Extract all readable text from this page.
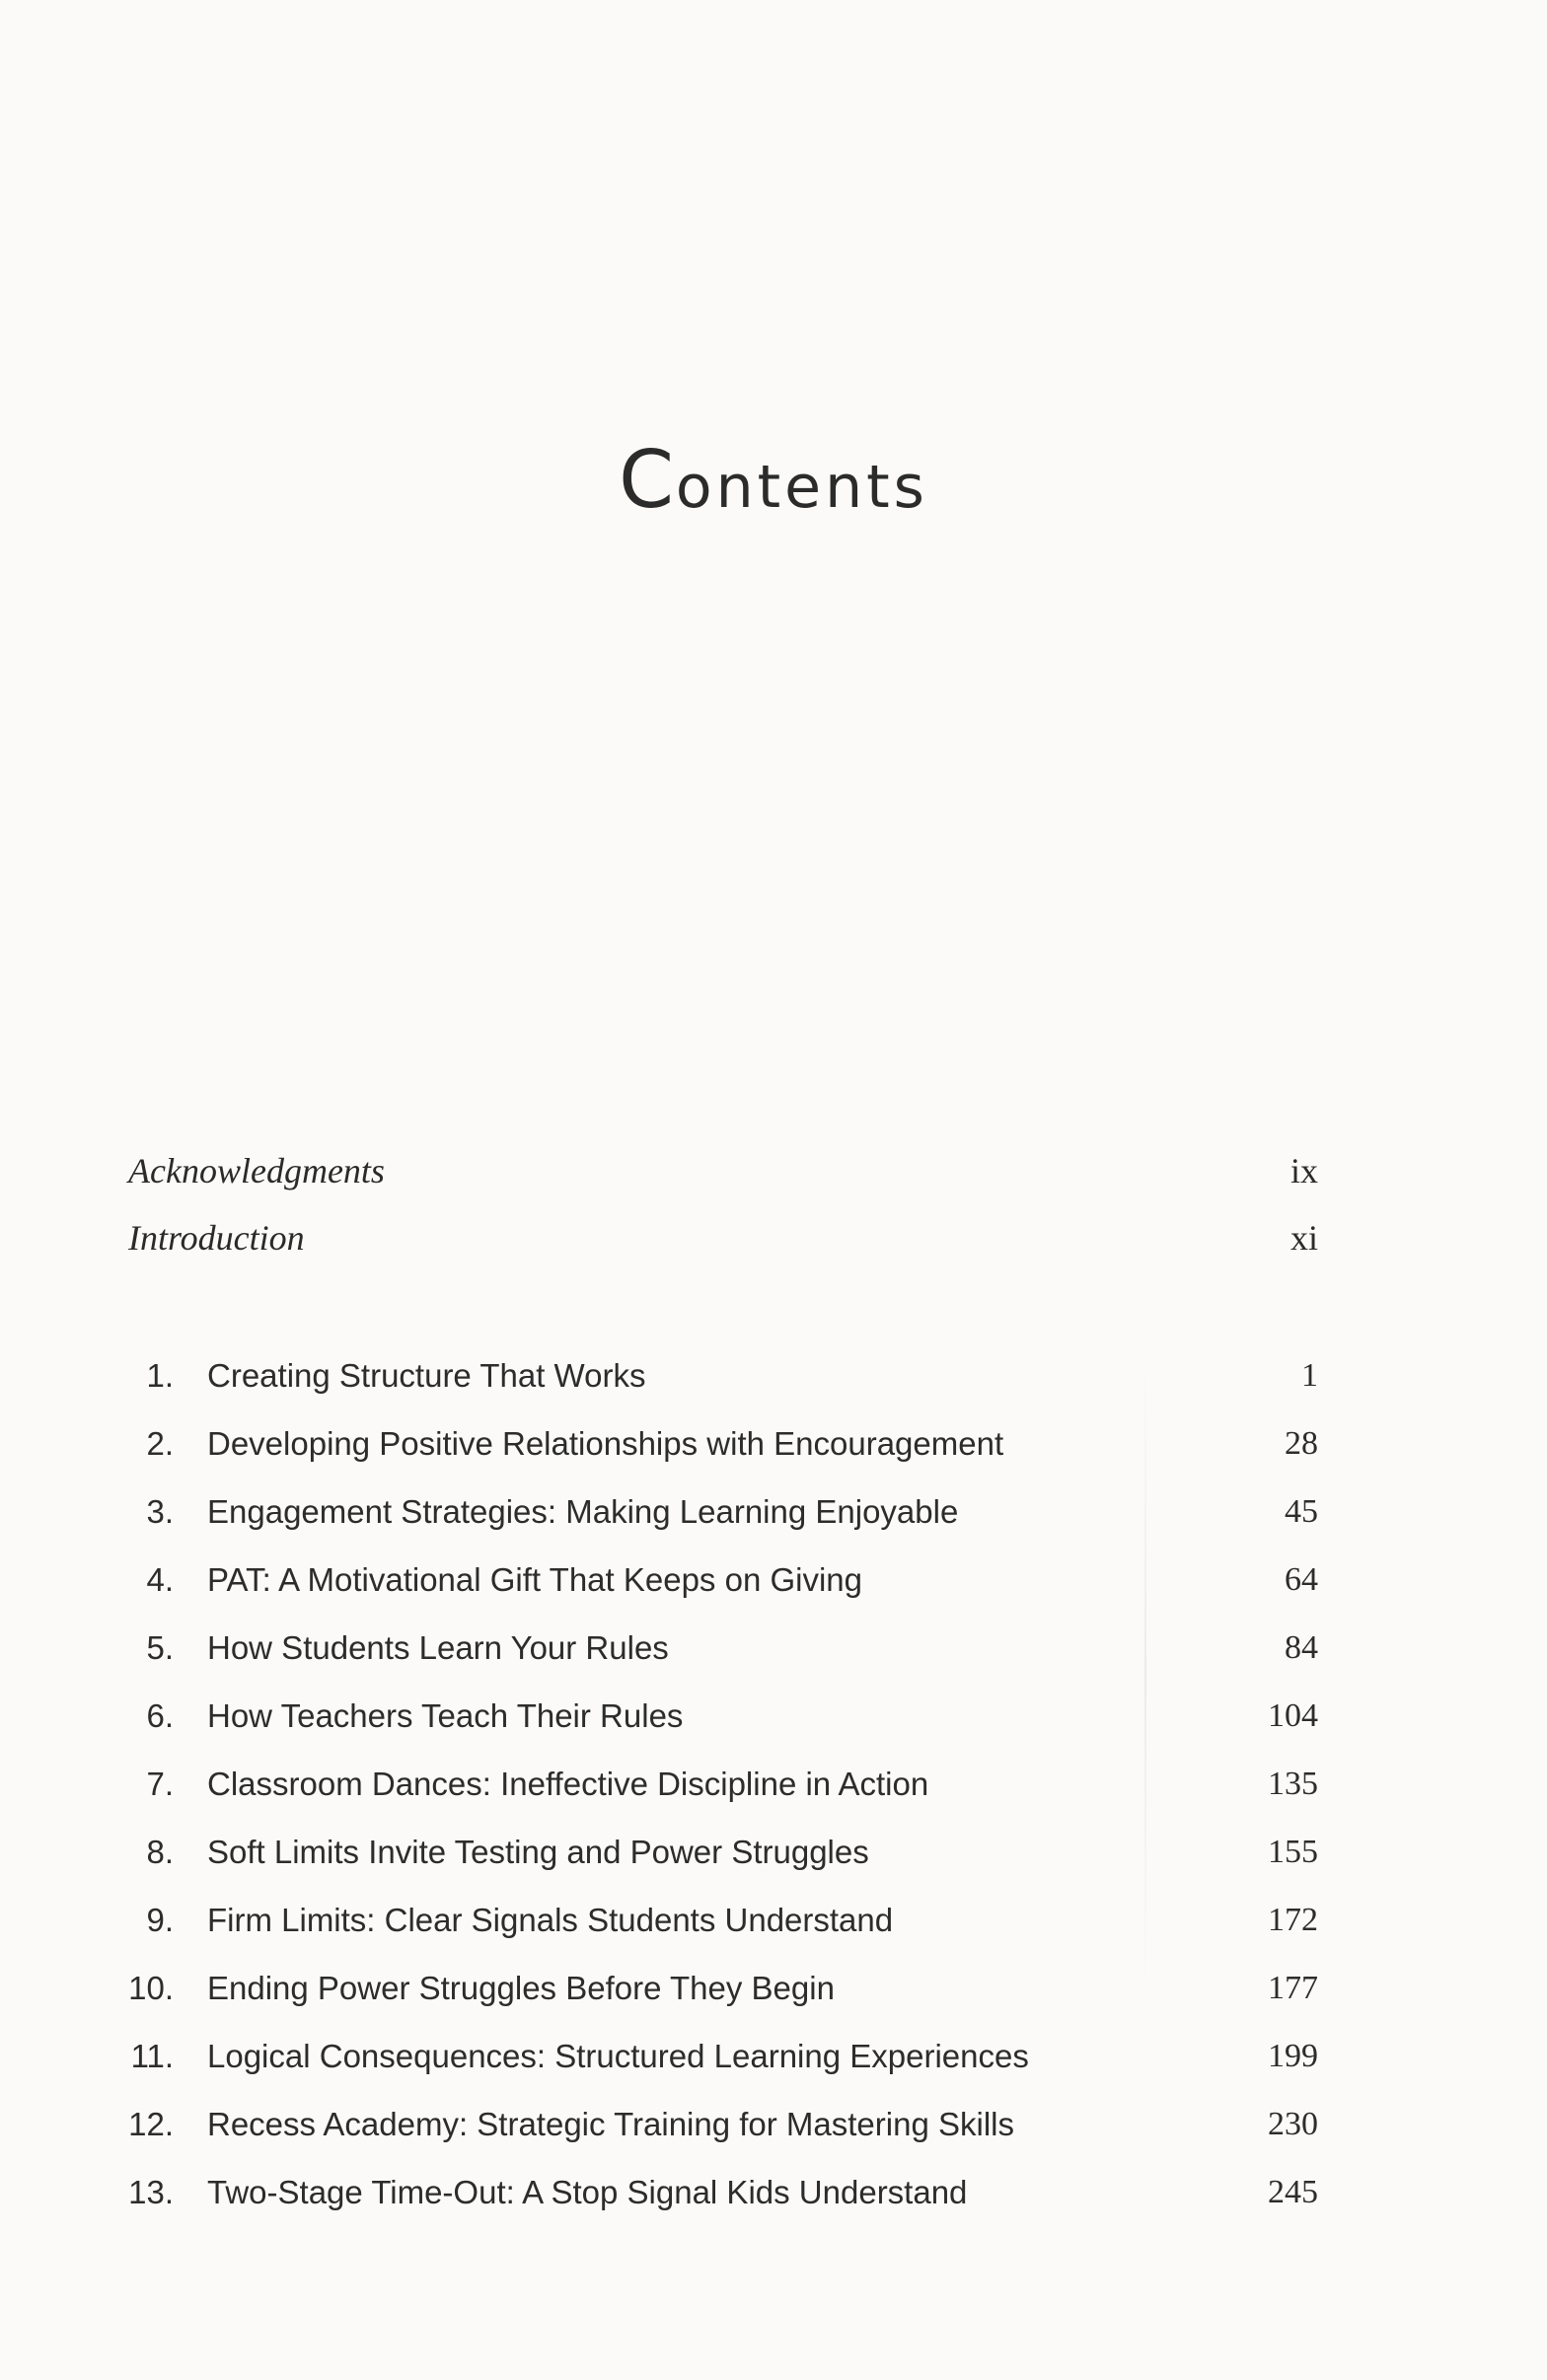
Contents
Acknowledgments	ix
Introduction	xi
1. Creating Structure That Works	1
2. Developing Positive Relationships with Encouragement	28
3. Engagement Strategies: Making Learning Enjoyable	45
4. PAT: A Motivational Gift That Keeps on Giving	64
5. How Students Learn Your Rules	84
6. How Teachers Teach Their Rules	104
7. Classroom Dances: Ineffective Discipline in Action	135
8. Soft Limits Invite Testing and Power Struggles	155
9. Firm Limits: Clear Signals Students Understand	172
10. Ending Power Struggles Before They Begin	177
11. Logical Consequences: Structured Learning Experiences	199
12. Recess Academy: Strategic Training for Mastering Skills	230
13. Two-Stage Time-Out: A Stop Signal Kids Understand	245
